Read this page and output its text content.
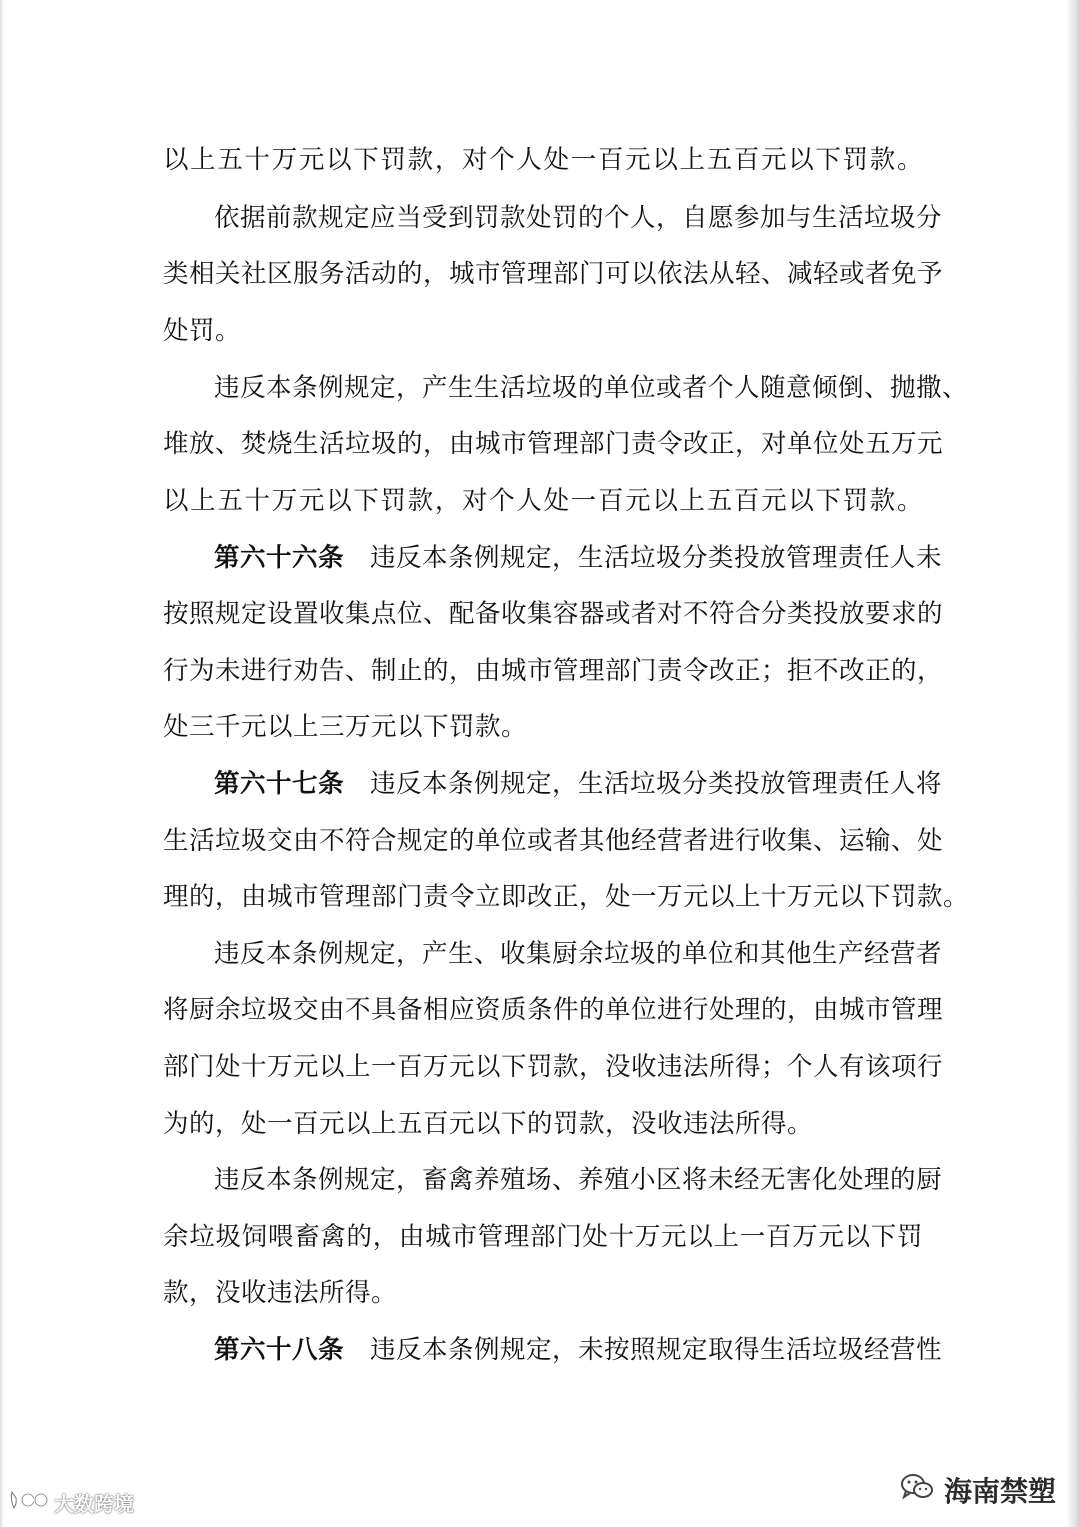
以上五十万元以下罚款，对个人处一百元以上五百元以下罚款。
依据前款规定应当受到罚款处罚的个人，自愿参加与生活垃圾分
类相关社区服务活动的，城市管理部门可以依法从轻、减轻或者免予
处罚。
违反本条例规定，产生生活垃圾的单位或者个人随意倾倒、抛撒、
堆放、焚烧生活垃圾的，由城市管理部门责令改正，对单位处五万元
以上五十万元以下罚款，对个人处一百元以上五百元以下罚款。
第六十六条 违反本条例规定，生活垃圾分类投放管理责任人未
按照规定设置收集点位、配备收集容器或者对不符合分类投放要求的
行为未进行劝告、制止的，由城市管理部门责令改正；拒不改正的，
处三千元以上三万元以下罚款。
第六十七条 违反本条例规定，生活垃圾分类投放管理责任人将
生活垃圾交由不符合规定的单位或者其他经营者进行收集、运输、处
理的，由城市管理部门责令立即改正，处一万元以上十万元以下罚款。
违反本条例规定，产生、收集厨余垃圾的单位和其他生产经营者
将厨余垃圾交由不具备相应资质条件的单位进行处理的，由城市管理
部门处十万元以上一百万元以下罚款，没收违法所得；个人有该项行
为的，处一百元以上五百元以下的罚款，没收违法所得。
违反本条例规定，畜禽养殖场、养殖小区将未经无害化处理的厨
余垃圾饲喂畜禽的，由城市管理部门处十万元以上一百万元以下罚
款，没收违法所得。
第六十八条 违反本条例规定，未按照规定取得生活垃圾经营性
大数跨境	海南禁塑
